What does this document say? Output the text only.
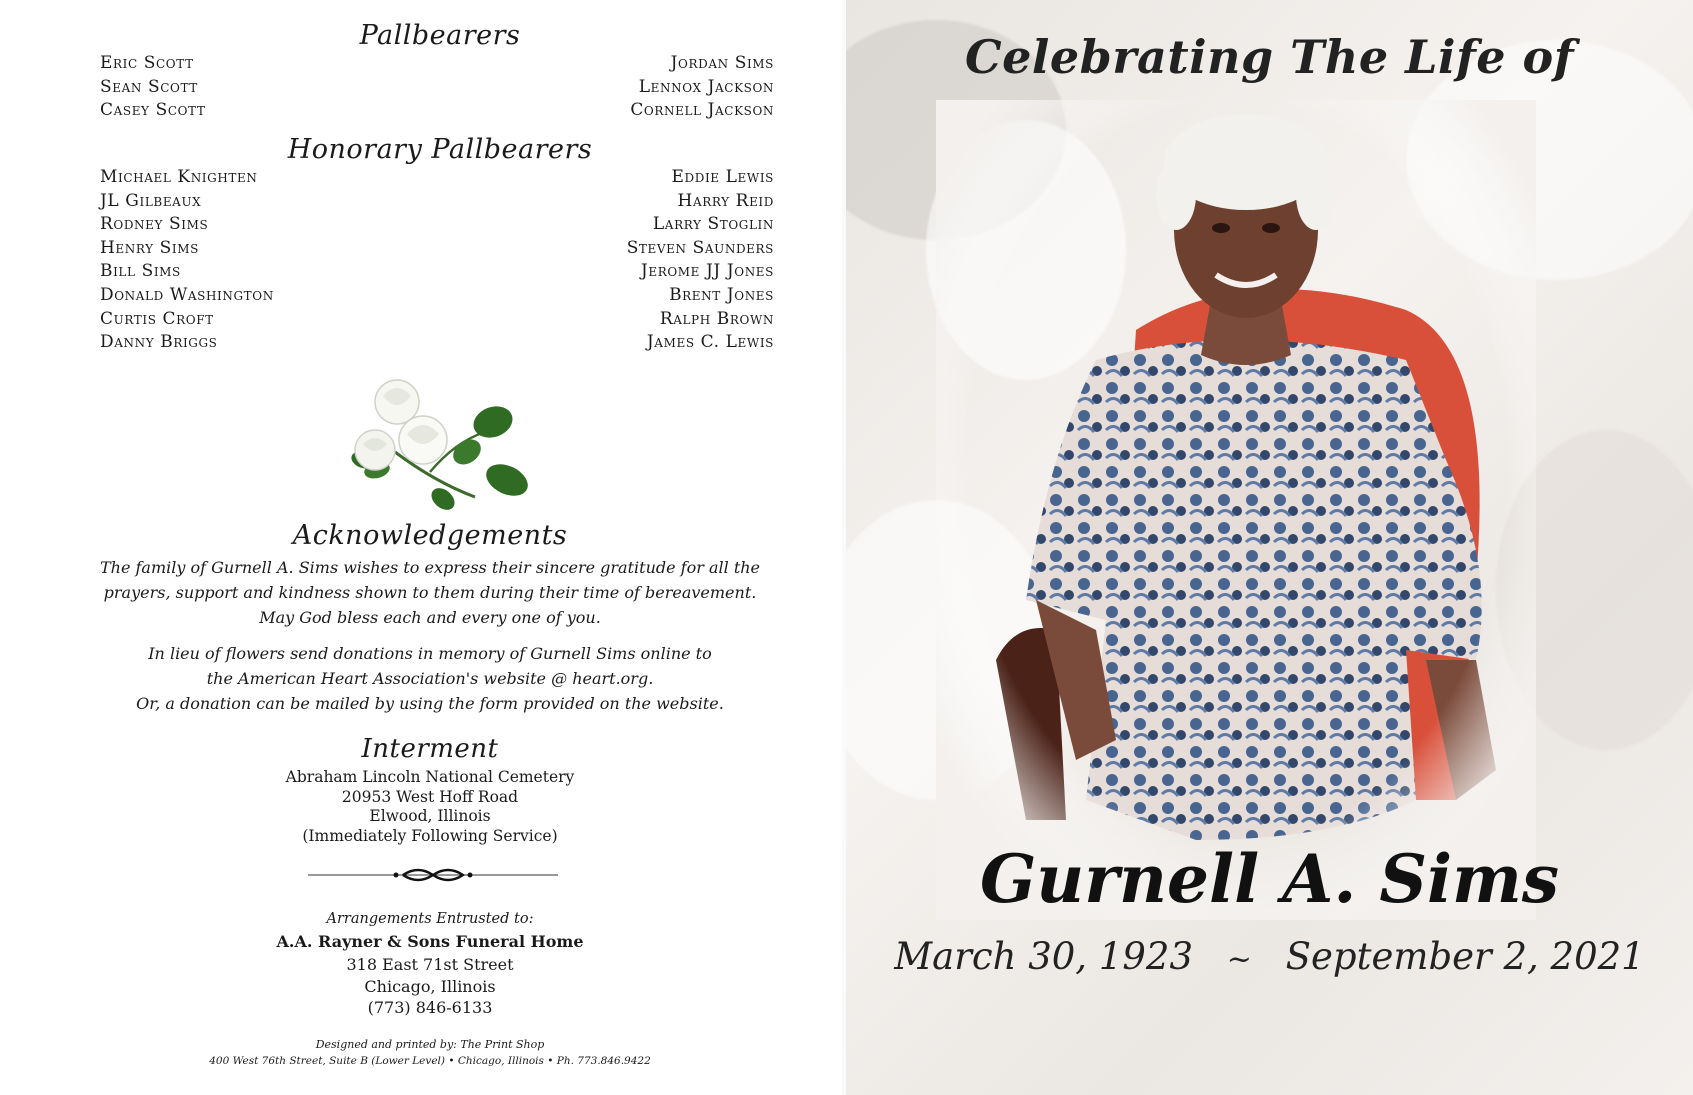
Pallbearers
Eric Scott
Sean Scott
Casey Scott
Jordan Sims
Lennox Jackson
Cornell Jackson
Honorary Pallbearers
Michael Knighten
JL Gilbeaux
Rodney Sims
Henry Sims
Bill Sims
Donald Washington
Curtis Croft
Danny Briggs
Eddie Lewis
Harry Reid
Larry Stoglin
Steven Saunders
Jerome JJ Jones
Brent Jones
Ralph Brown
James C. Lewis
Acknowledgements
The family of Gurnell A. Sims wishes to express their sincere gratitude for all the
prayers, support and kindness shown to them during their time of bereavement.
May God bless each and every one of you.
In lieu of flowers send donations in memory of Gurnell Sims online to
the American Heart Association's website @ heart.org.
Or, a donation can be mailed by using the form provided on the website.
Interment
Abraham Lincoln National Cemetery
20953 West Hoff Road
Elwood, Illinois
(Immediately Following Service)
Arrangements Entrusted to:
A.A. Rayner & Sons Funeral Home
318 East 71st Street
Chicago, Illinois
(773) 846-6133
Designed and printed by: The Print Shop
400 West 76th Street, Suite B (Lower Level) • Chicago, Illinois • Ph. 773.846.9422
Celebrating The Life of
Gurnell A. Sims
March 30, 1923 ~ September 2, 2021
